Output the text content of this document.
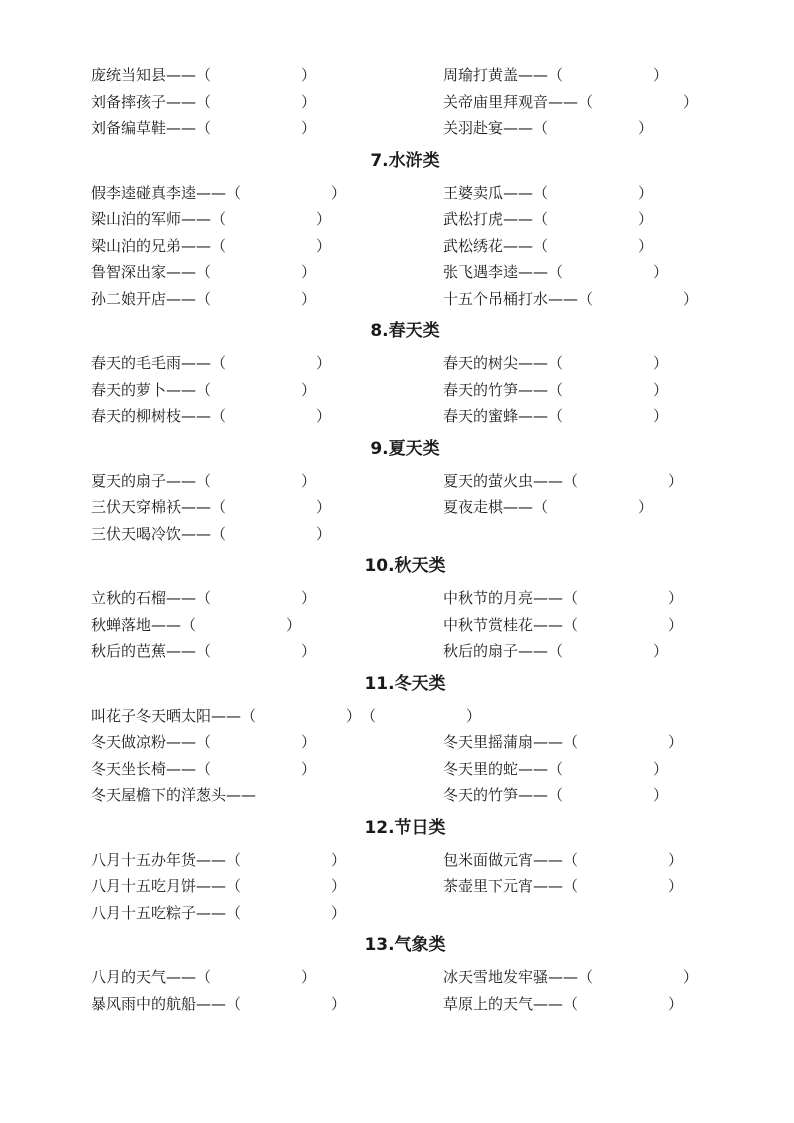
庞统当知县——（　　　　　　）	周瑜打黄盖——（　　　　　　）
刘备摔孩子——（　　　　　　）	关帝庙里拜观音——（　　　　　　）
刘备编草鞋——（　　　　　　）	关羽赴宴——（　　　　　　）
7.水浒类
假李逵碰真李逵——（　　　　　　）	王婆卖瓜——（　　　　　　）
梁山泊的军师——（　　　　　　）	武松打虎——（　　　　　　）
梁山泊的兄弟——（　　　　　　）	武松绣花——（　　　　　　）
鲁智深出家——（　　　　　　）	张飞遇李逵——（　　　　　　）
孙二娘开店——（　　　　　　）	十五个吊桶打水——（　　　　　　）
8.春天类
春天的毛毛雨——（　　　　　　）	春天的树尖——（　　　　　　）
春天的萝卜——（　　　　　　）	春天的竹笋——（　　　　　　）
春天的柳树枝——（　　　　　　）	春天的蜜蜂——（　　　　　　）
9.夏天类
夏天的扇子——（　　　　　　）	夏天的萤火虫——（　　　　　　）
三伏天穿棉袄——（　　　　　　）	夏夜走棋——（　　　　　　）
三伏天喝冷饮——（　　　　　　）
10.秋天类
立秋的石榴——（　　　　　　）	中秋节的月亮——（　　　　　　）
秋蝉落地——（　　　　　　）	中秋节赏桂花——（　　　　　　）
秋后的芭蕉——（　　　　　　）	秋后的扇子——（　　　　　　）
11.冬天类
叫花子冬天晒太阳——（　　　　　　）　（　　　　　　）
冬天做凉粉——（　　　　　　）	冬天里摇蒲扇——（　　　　　　）
冬天坐长椅——（　　　　　　）	冬天里的蛇——（　　　　　　）
冬天屋檐下的洋葱头——	冬天的竹笋——（　　　　　　）
12.节日类
八月十五办年货——（　　　　　　）	包米面做元宵——（　　　　　　）
八月十五吃月饼——（　　　　　　）	茶壶里下元宵——（　　　　　　）
八月十五吃粽子——（　　　　　　）
13.气象类
八月的天气——（　　　　　　）	冰天雪地发牢骚——（　　　　　　）
暴风雨中的航船——（　　　　　　）	草原上的天气——（　　　　　　）
